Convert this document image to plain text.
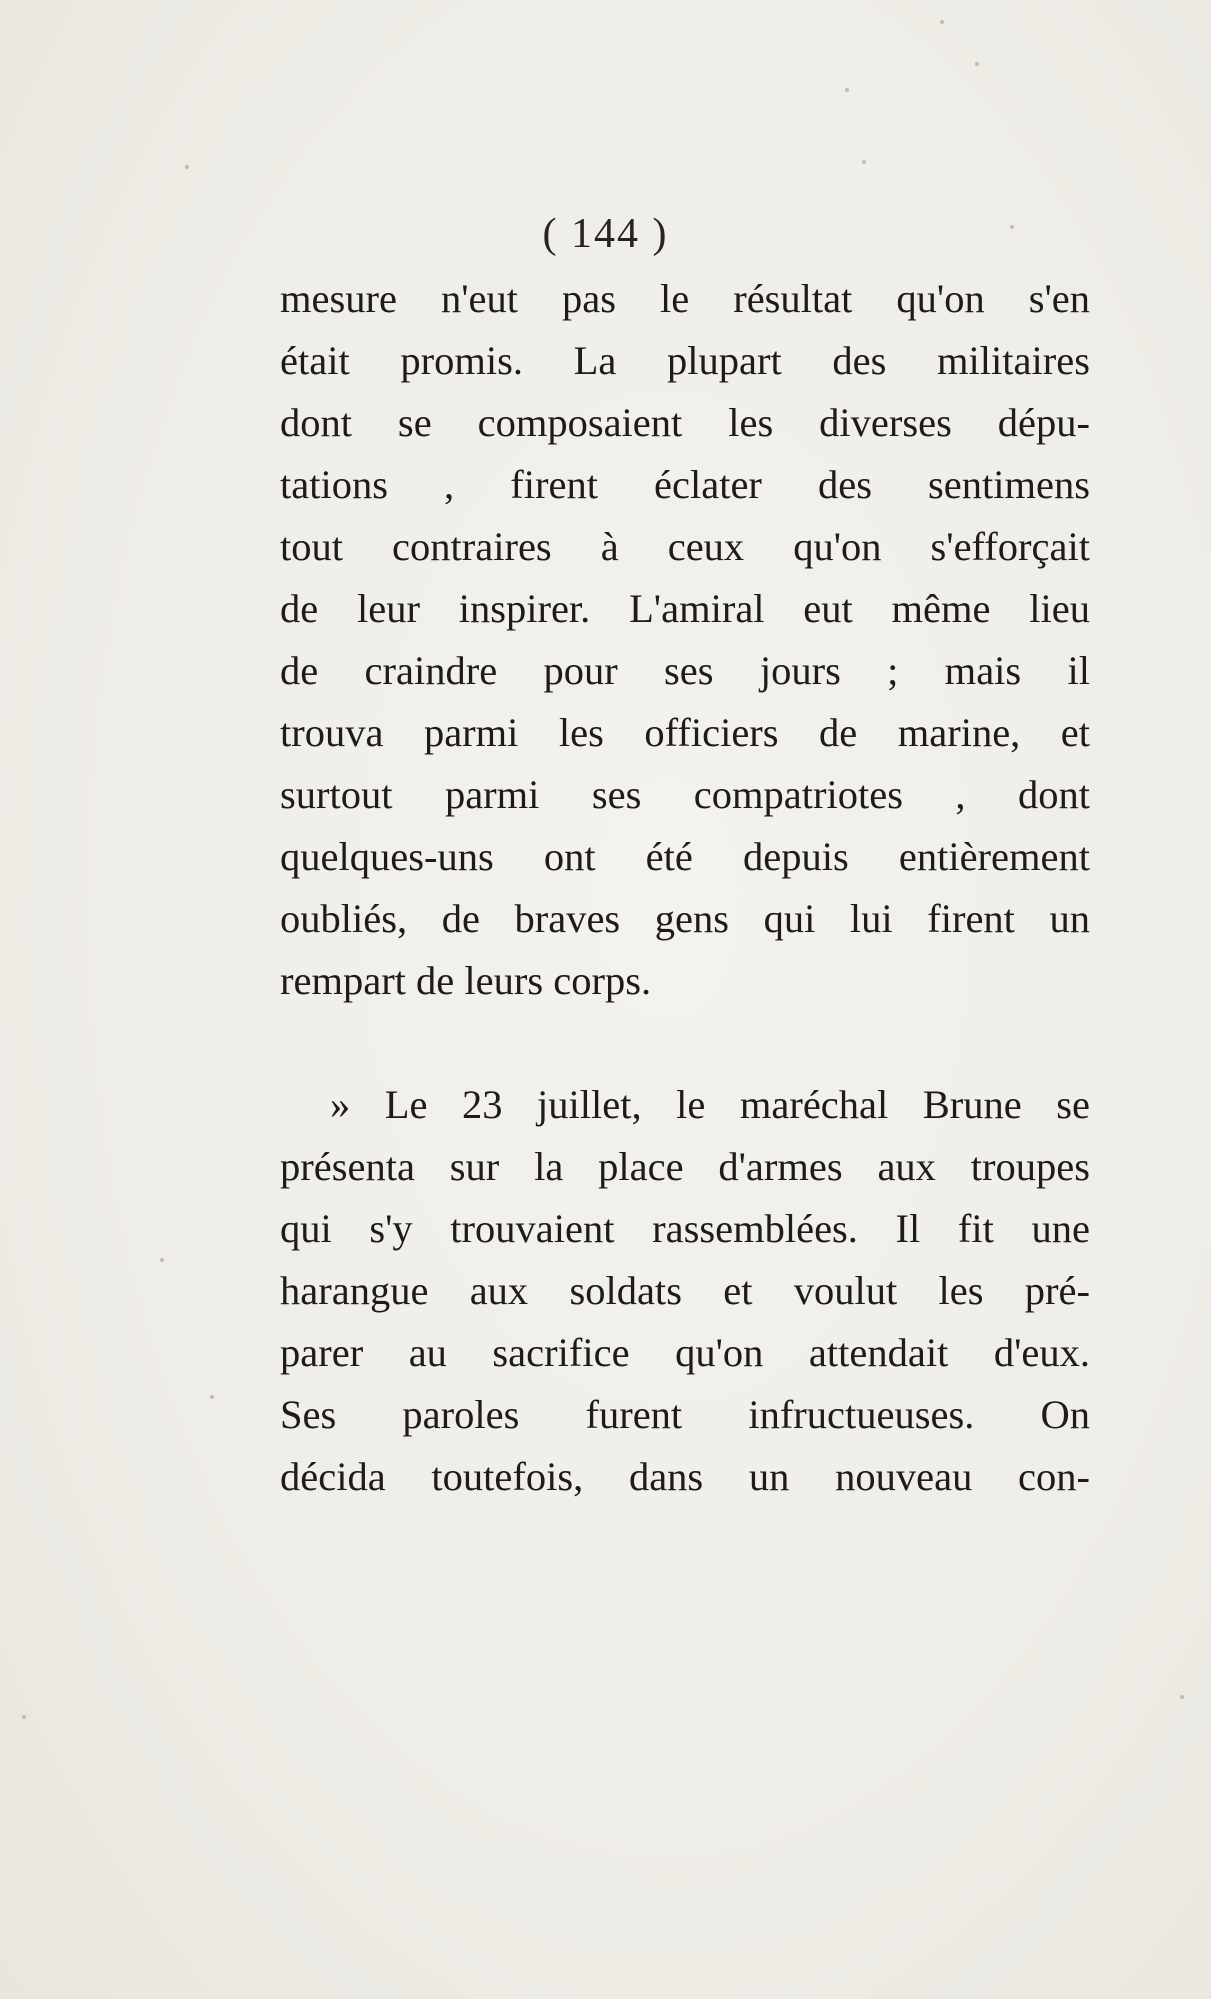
( 144 )
mesure n'eut pas le résultat qu'on s'en
était promis. La plupart des militaires
dont se composaient les diverses dépu-
tations , firent éclater des sentimens
tout contraires à ceux qu'on s'efforçait
de leur inspirer. L'amiral eut même lieu
de craindre pour ses jours ; mais il
trouva parmi les officiers de marine, et
surtout parmi ses compatriotes , dont
quelques-uns ont été depuis entièrement
oubliés, de braves gens qui lui firent un
rempart de leurs corps.
» Le 23 juillet, le maréchal Brune se
présenta sur la place d'armes aux troupes
qui s'y trouvaient rassemblées. Il fit une
harangue aux soldats et voulut les pré-
parer au sacrifice qu'on attendait d'eux.
Ses paroles furent infructueuses. On
décida toutefois, dans un nouveau con-
